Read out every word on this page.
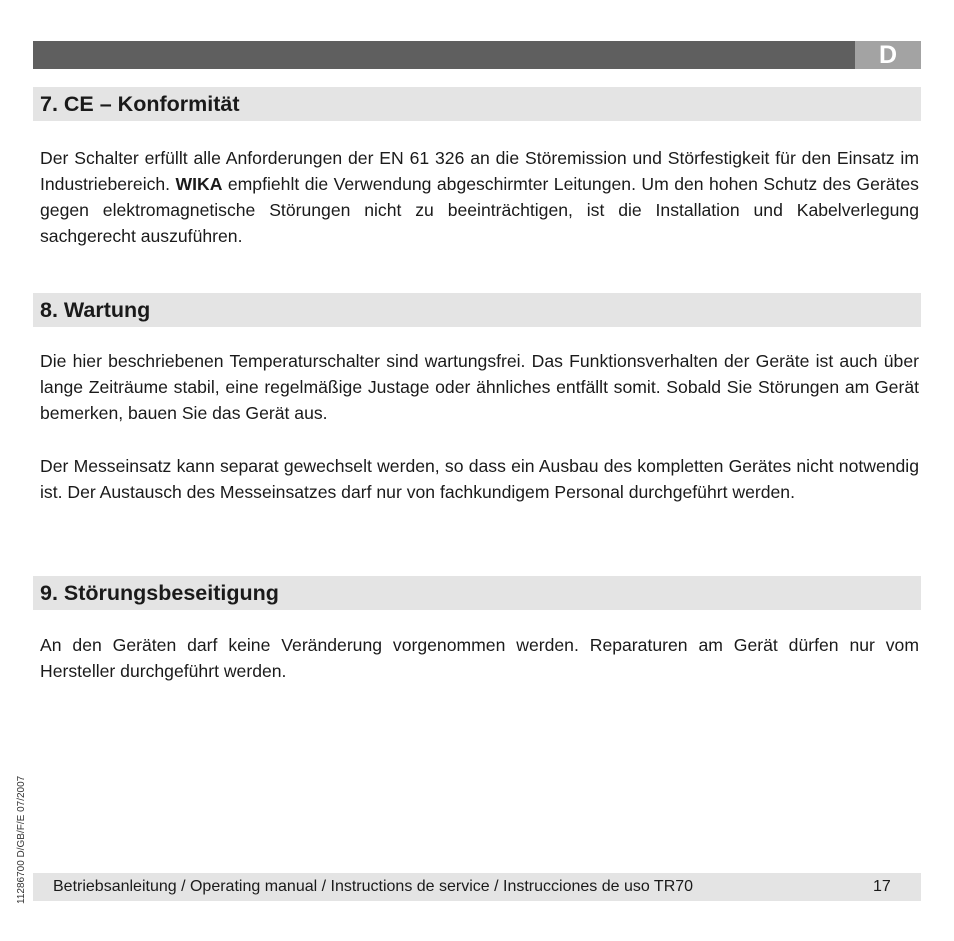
D
7. CE – Konformität

Der Schalter erfüllt alle Anforderungen der EN 61 326 an die Störemission und Störfestigkeit für den Einsatz im Industriebereich. WIKA empfiehlt die Verwendung abgeschirmter Leitungen. Um den hohen Schutz des Gerätes gegen elektromagnetische Störungen nicht zu beeinträchtigen, ist die Installation und Kabelverlegung sachgerecht auszuführen.

8. Wartung

Die hier beschriebenen Temperaturschalter sind wartungsfrei. Das Funktionsverhalten der Geräte ist auch über lange Zeiträume stabil, eine regelmäßige Justage oder ähnliches entfällt somit. Sobald Sie Störungen am Gerät bemerken, bauen Sie das Gerät aus.

Der Messeinsatz kann separat gewechselt werden, so dass ein Ausbau des kompletten Gerätes nicht notwendig ist. Der Austausch des Messeinsatzes darf nur von fachkundigem Personal durchgeführt werden.

9. Störungsbeseitigung

An den Geräten darf keine Veränderung vorgenommen werden. Reparaturen am Gerät dürfen nur vom Hersteller durchgeführt werden.

11286700 D/GB/F/E 07/2007 Betriebsanleitung / Operating manual / Instructions de service / Instrucciones de uso TR70	17
